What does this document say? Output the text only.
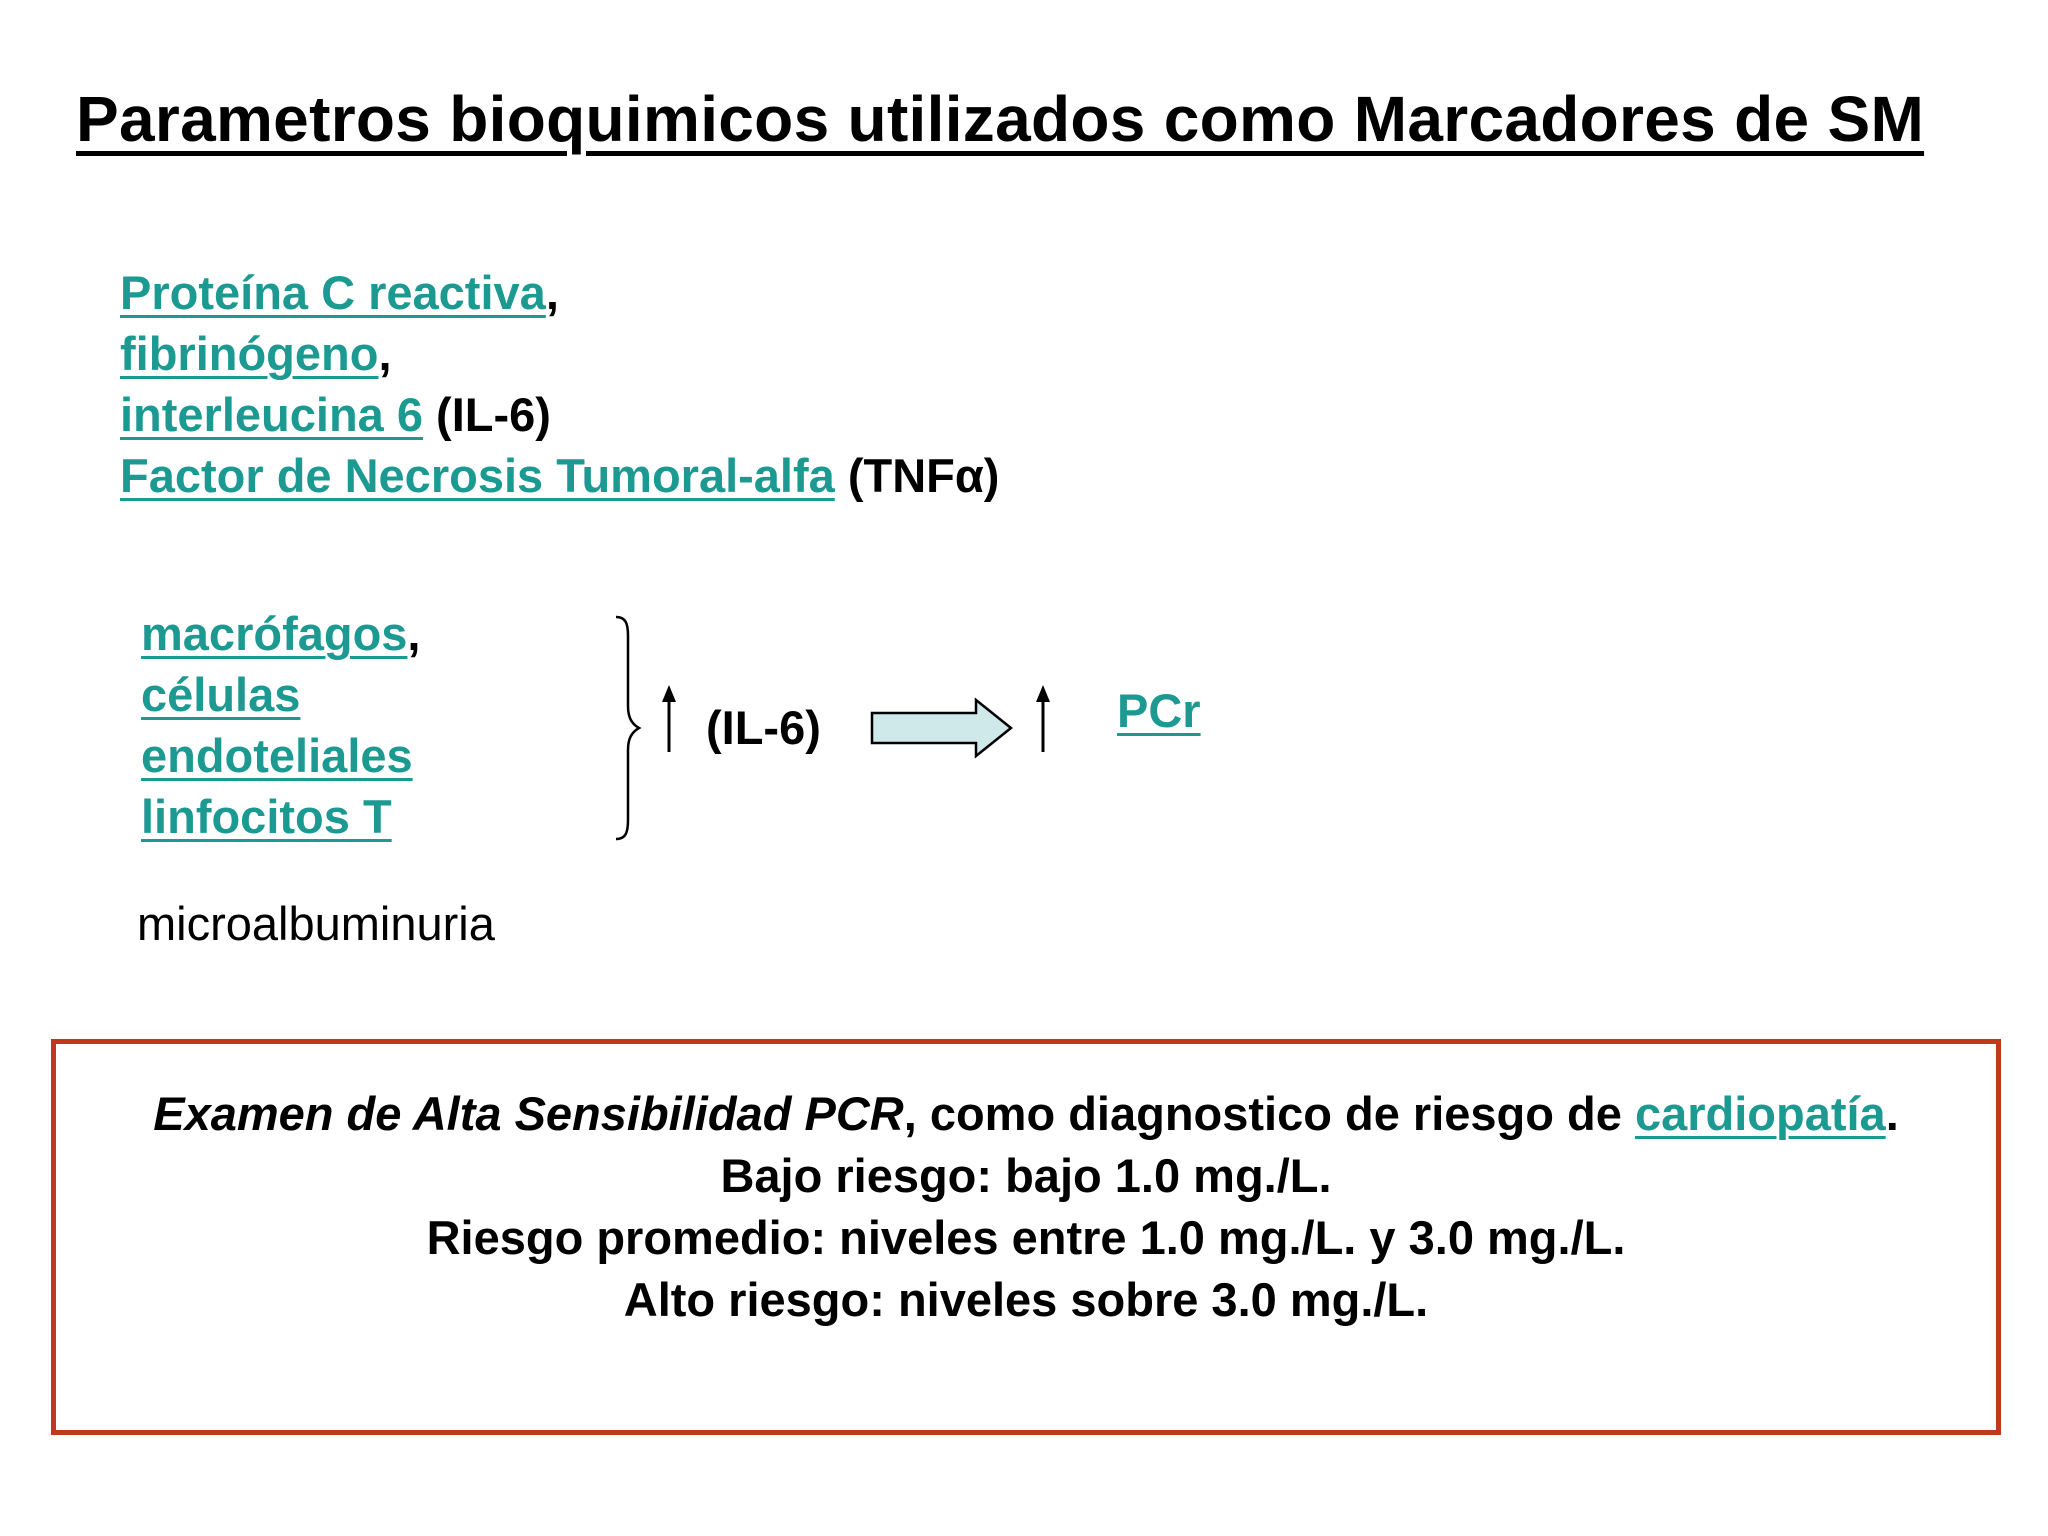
Parametros bioquimicos utilizados como Marcadores de SM
Proteína C reactiva,
fibrinógeno,
interleucina 6 (IL-6)
Factor de Necrosis Tumoral-alfa (TNFα)
macrófagos,
células
endoteliales
linfocitos T
(IL-6)	PCr
microalbuminuria
Examen de Alta Sensibilidad PCR, como diagnostico de riesgo de cardiopatía.
Bajo riesgo: bajo 1.0 mg./L.
Riesgo promedio: niveles entre 1.0 mg./L. y 3.0 mg./L.
Alto riesgo: niveles sobre 3.0 mg./L.
